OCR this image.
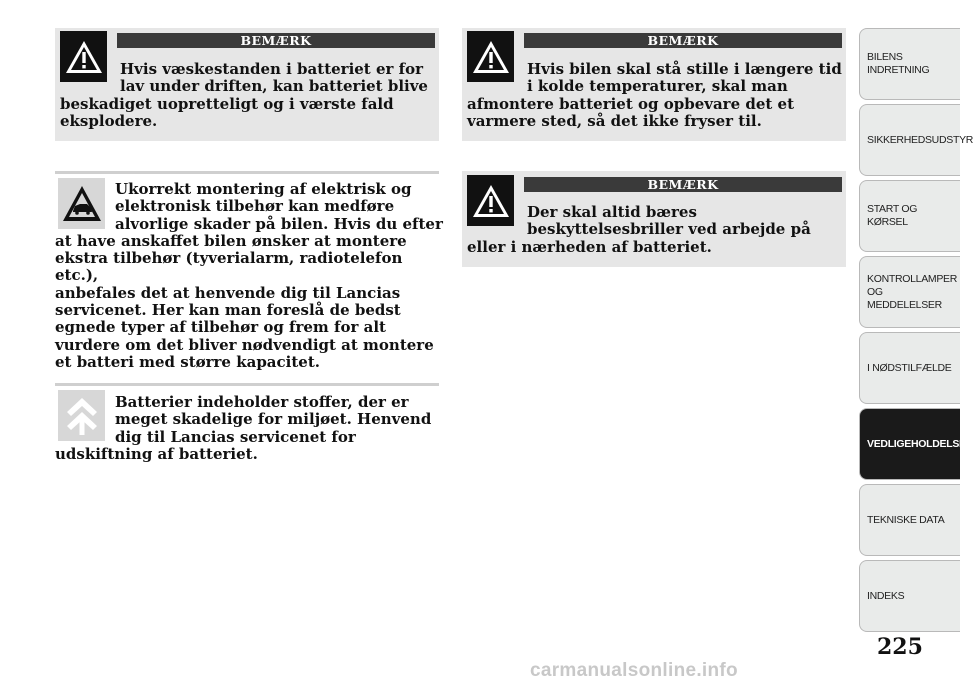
BEMÆRK
Hvis væskestanden i batteriet er for
lav under driften, kan batteriet blive
beskadiget uopretteligt og i værste fald
eksplodere.
Ukorrekt montering af elektrisk og
elektronisk tilbehør kan medføre
alvorlige skader på bilen. Hvis du efter
at have anskaffet bilen ønsker at montere
ekstra tilbehør (tyverialarm, radiotelefon etc.),
anbefales det at henvende dig til Lancias
servicenet. Her kan man foreslå de bedst
egnede typer af tilbehør og frem for alt
vurdere om det bliver nødvendigt at montere
et batteri med større kapacitet.
Batterier indeholder stoffer, der er
meget skadelige for miljøet. Henvend
dig til Lancias servicenet for
udskiftning af batteriet.
BEMÆRK
Hvis bilen skal stå stille i længere tid
i kolde temperaturer, skal man
afmontere batteriet og opbevare det et
varmere sted, så det ikke fryser til.
BEMÆRK
Der skal altid bæres
beskyttelsesbriller ved arbejde på
eller i nærheden af batteriet.
BILENS
INDRETNING
SIKKERHEDSUDSTYR
START OG KØRSEL
KONTROLLAMPER
OG MEDDELELSER
I NØDSTILFÆLDE
VEDLIGEHOLDELSE
TEKNISKE DATA
INDEKS
225
carmanualsonline.info
